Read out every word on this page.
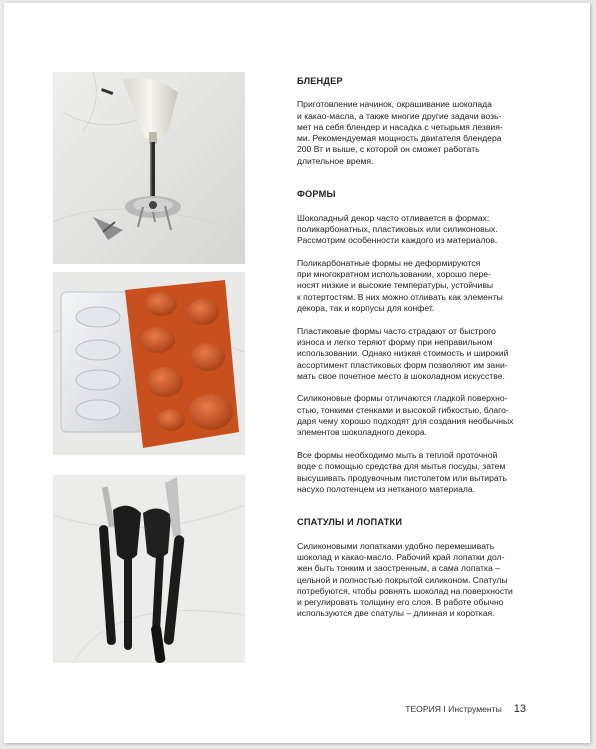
БЛЕНДЕР
Приготовление начинок, окрашивание шоколада
и какао-масла, а также многие другие задачи возь-
мет на себя блендер и насадка с четырьмя лезвия-
ми. Рекомендуемая мощность двигателя блендера
200 Вт и выше, с которой он сможет работать
длительное время.
ФОРМЫ
Шоколадный декор часто отливается в формах:
поликарбонатных, пластиковых или силиконовых.
Рассмотрим особенности каждого из материалов.
Поликарбонатные формы не деформируются
при многократном использовании, хорошо пере-
носят низкие и высокие температуры, устойчивы
к потертостям. В них можно отливать как элементы
декора, так и корпусы для конфет.
Пластиковые формы часто страдают от быстрого
износа и легко теряют форму при неправильном
использовании. Однако низкая стоимость и широкий
ассортимент пластиковых форм позволяют им зани-
мать свое почетное место в шоколадном искусстве.
Силиконовые формы отличаются гладкой поверхно-
стью, тонкими стенками и высокой гибкостью, благо-
даря чему хорошо подходят для создания необычных
элементов шоколадного декора.
Все формы необходимо мыть в теплой проточной
воде с помощью средства для мытья посуды, затем
высушивать продувочным пистолетом или вытирать
насухо полотенцем из нетканого материала.
СПАТУЛЫ И ЛОПАТКИ
Силиконовыми лопатками удобно перемешивать
шоколад и какао-масло. Рабочий край лопатки дол-
жен быть тонким и заостренным, а сама лопатка –
цельной и полностью покрытой силиконом. Спатулы
потребуются, чтобы ровнять шоколад на поверхности
и регулировать толщину его слоя. В работе обычно
используются две спатулы – длинная и короткая.
ТЕОРИЯ I Инструменты 13
